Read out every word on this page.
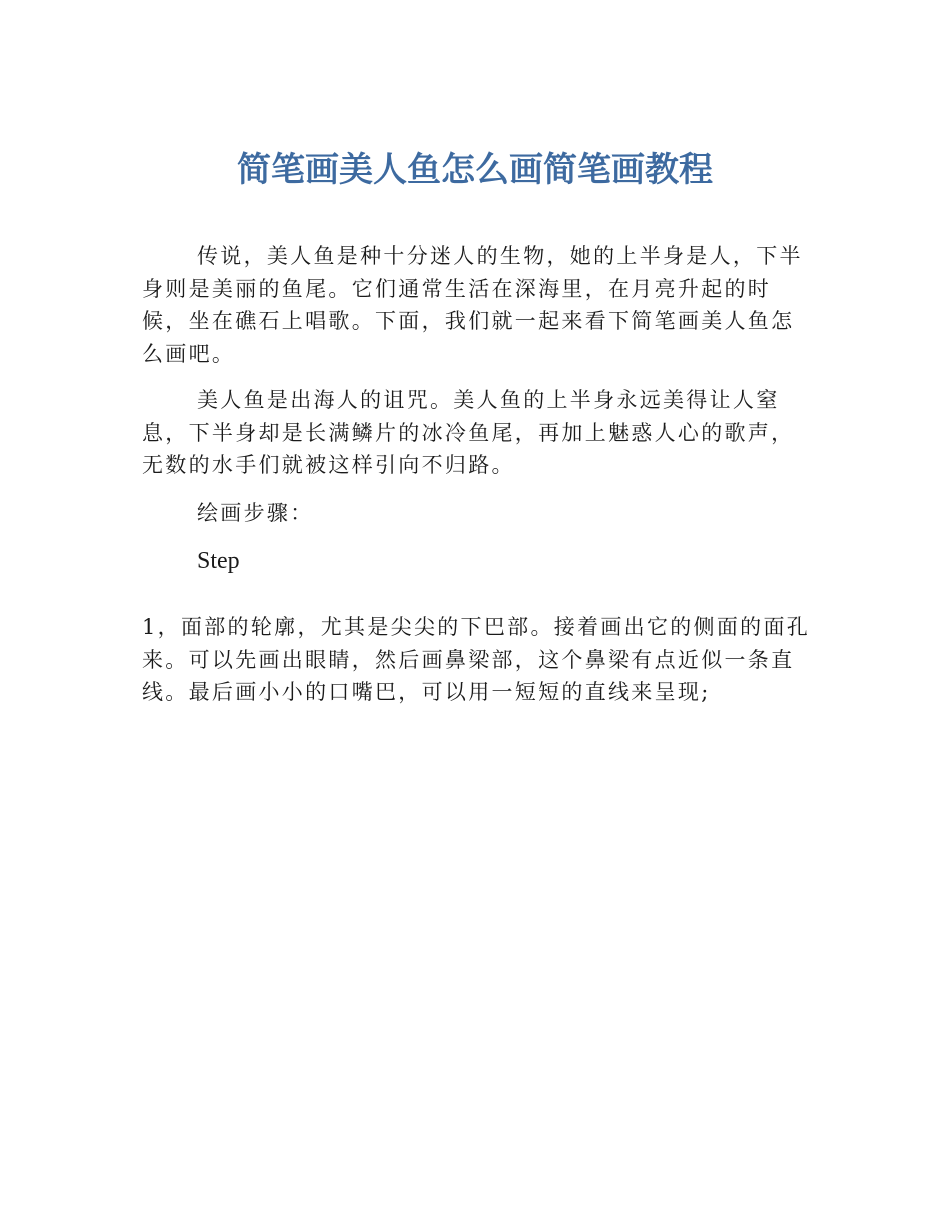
简笔画美人鱼怎么画简笔画教程

传说，美人鱼是种十分迷人的生物，她的上半身是人，下半身则是美丽的鱼尾。它们通常生活在深海里，在月亮升起的时候，坐在礁石上唱歌。下面，我们就一起来看下简笔画美人鱼怎么画吧。

美人鱼是出海人的诅咒。美人鱼的上半身永远美得让人窒息，下半身却是长满鳞片的冰冷鱼尾，再加上魅惑人心的歌声，无数的水手们就被这样引向不归路。

绘画步骤：

Step

1，面部的轮廓，尤其是尖尖的下巴部。接着画出它的侧面的面孔来。可以先画出眼睛，然后画鼻梁部，这个鼻梁有点近似一条直线。最后画小小的口嘴巴，可以用一短短的直线来呈现;
